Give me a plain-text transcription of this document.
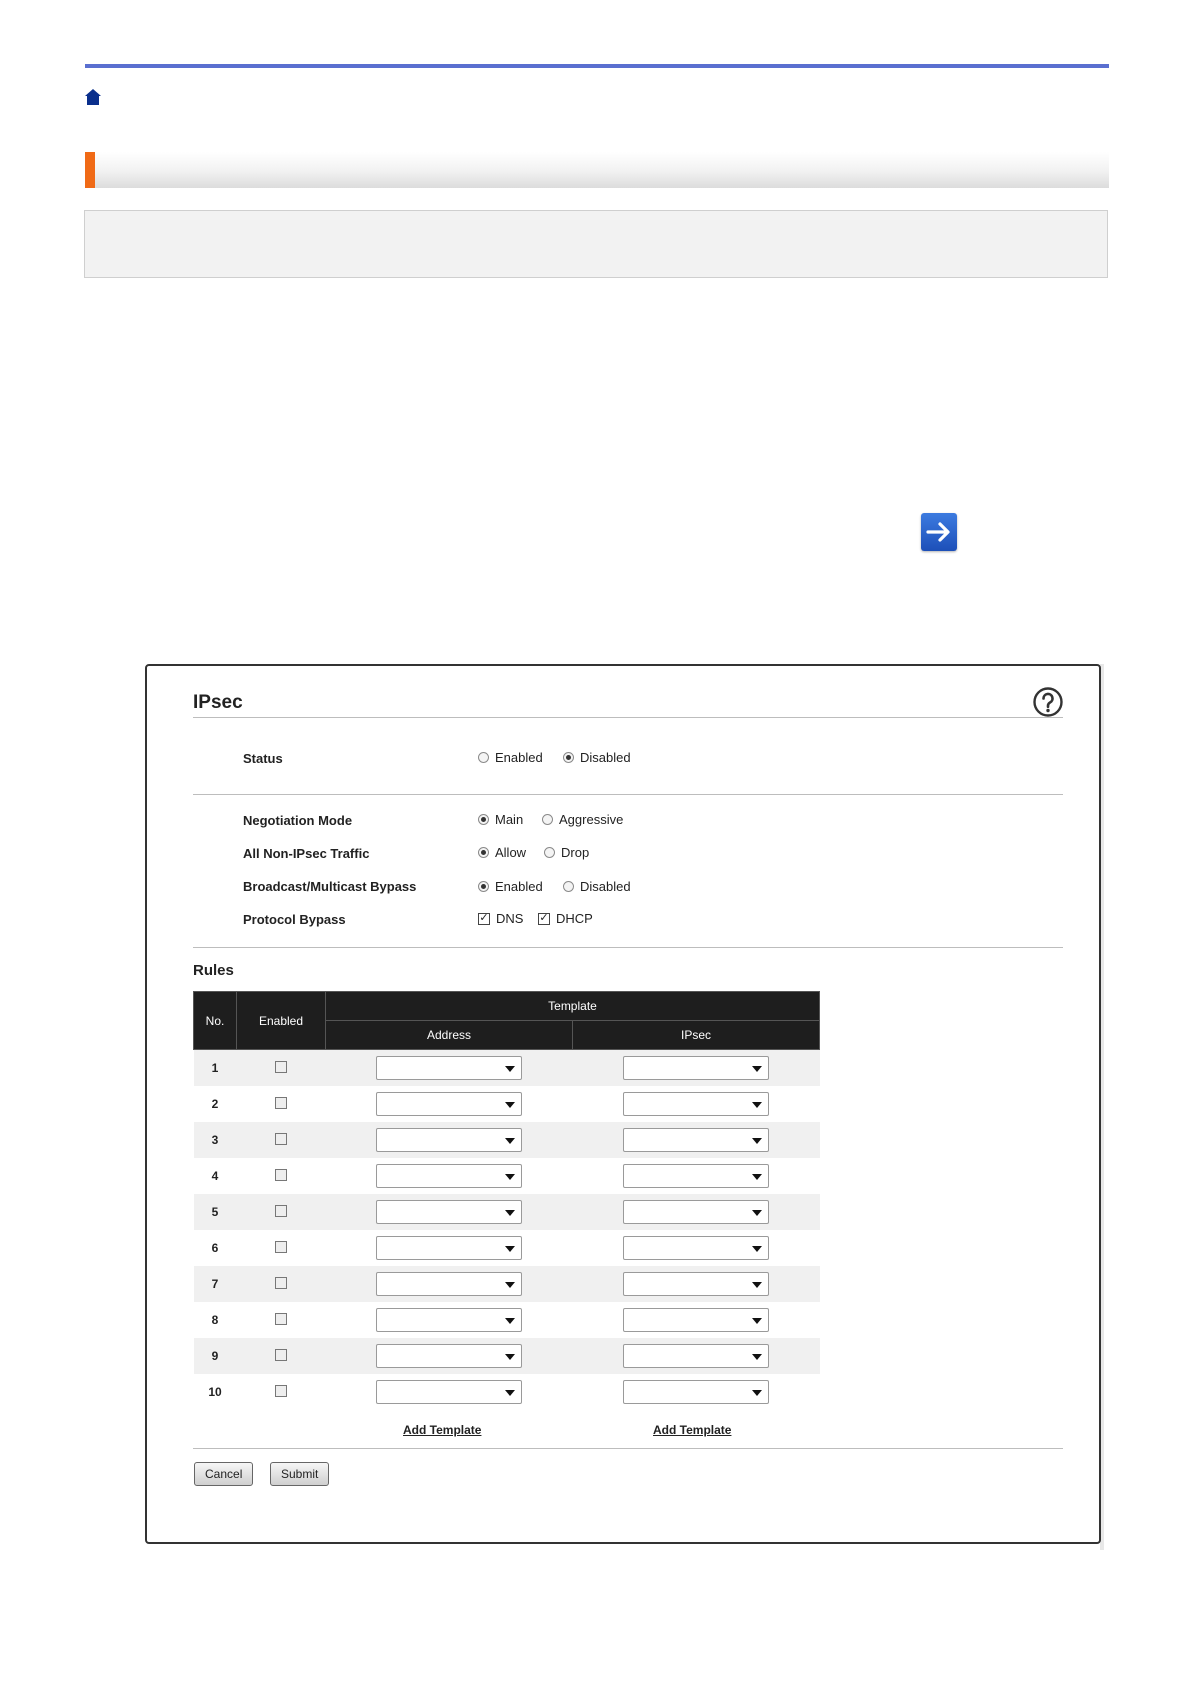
IPsec
Status	Enabled	Disabled
Negotiation Mode	Main	Aggressive
All Non-IPsec Traffic	Allow	Drop
Broadcast/Multicast Bypass	Enabled	Disabled
Protocol Bypass	✓ DNS ✓ DHCP
Rules
No.	Enabled	Template	
		Address	IPsec
1			
2			
3			
4			
5			
6			
7			
8			
9			
10			
Add Template	Add Template
Cancel	Submit
